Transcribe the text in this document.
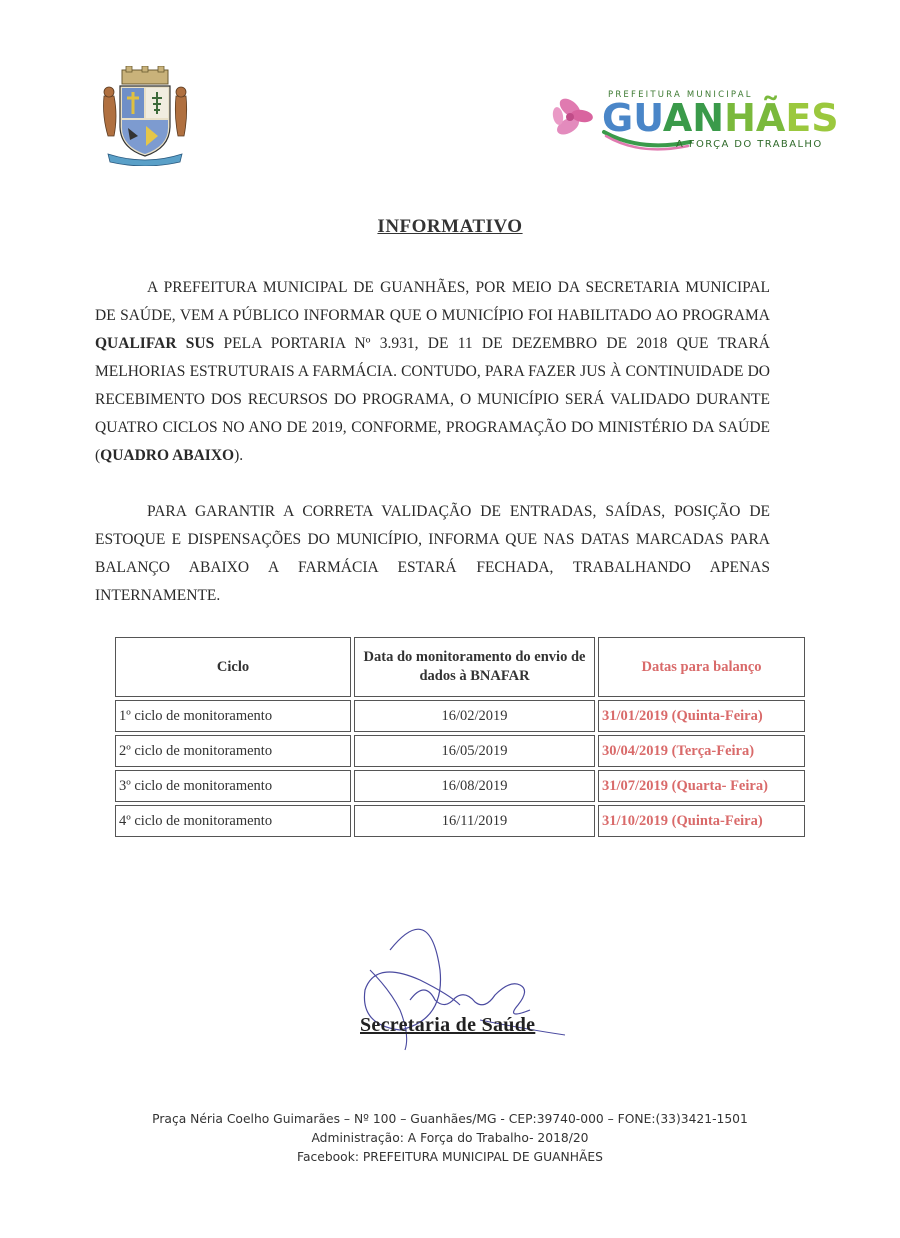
PREFEITURA MUNICIPAL
GUANHÃES
A FORÇA DO TRABALHO
INFORMATIVO
A PREFEITURA MUNICIPAL DE GUANHÃES, POR MEIO DA SECRETARIA MUNICIPAL DE SAÚDE, VEM A PÚBLICO INFORMAR QUE O MUNICÍPIO FOI HABILITADO AO PROGRAMA QUALIFAR SUS PELA PORTARIA Nº 3.931, DE 11 DE DEZEMBRO DE 2018 QUE TRARÁ MELHORIAS ESTRUTURAIS A FARMÁCIA. CONTUDO, PARA FAZER JUS À CONTINUIDADE DO RECEBIMENTO DOS RECURSOS DO PROGRAMA, O MUNICÍPIO SERÁ VALIDADO DURANTE QUATRO CICLOS NO ANO DE 2019, CONFORME, PROGRAMAÇÃO DO MINISTÉRIO DA SAÚDE (QUADRO ABAIXO).
PARA GARANTIR A CORRETA VALIDAÇÃO DE ENTRADAS, SAÍDAS, POSIÇÃO DE ESTOQUE E DISPENSAÇÕES DO MUNICÍPIO, INFORMA QUE NAS DATAS MARCADAS PARA BALANÇO ABAIXO A FARMÁCIA ESTARÁ FECHADA, TRABALHANDO APENAS INTERNAMENTE.
Ciclo	Data do monitoramento do envio de dados à BNAFAR	Datas para balanço
1º ciclo de monitoramento	16/02/2019	31/01/2019 (Quinta-Feira)
2º ciclo de monitoramento	16/05/2019	30/04/2019 (Terça-Feira)
3º ciclo de monitoramento	16/08/2019	31/07/2019 (Quarta- Feira)
4º ciclo de monitoramento	16/11/2019	31/10/2019 (Quinta-Feira)
Secretaria de Saúde
Praça Néria Coelho Guimarães – Nº 100 – Guanhães/MG - CEP:39740-000 – FONE:(33)3421-1501
Administração: A Força do Trabalho- 2018/20
Facebook: PREFEITURA MUNICIPAL DE GUANHÃES
